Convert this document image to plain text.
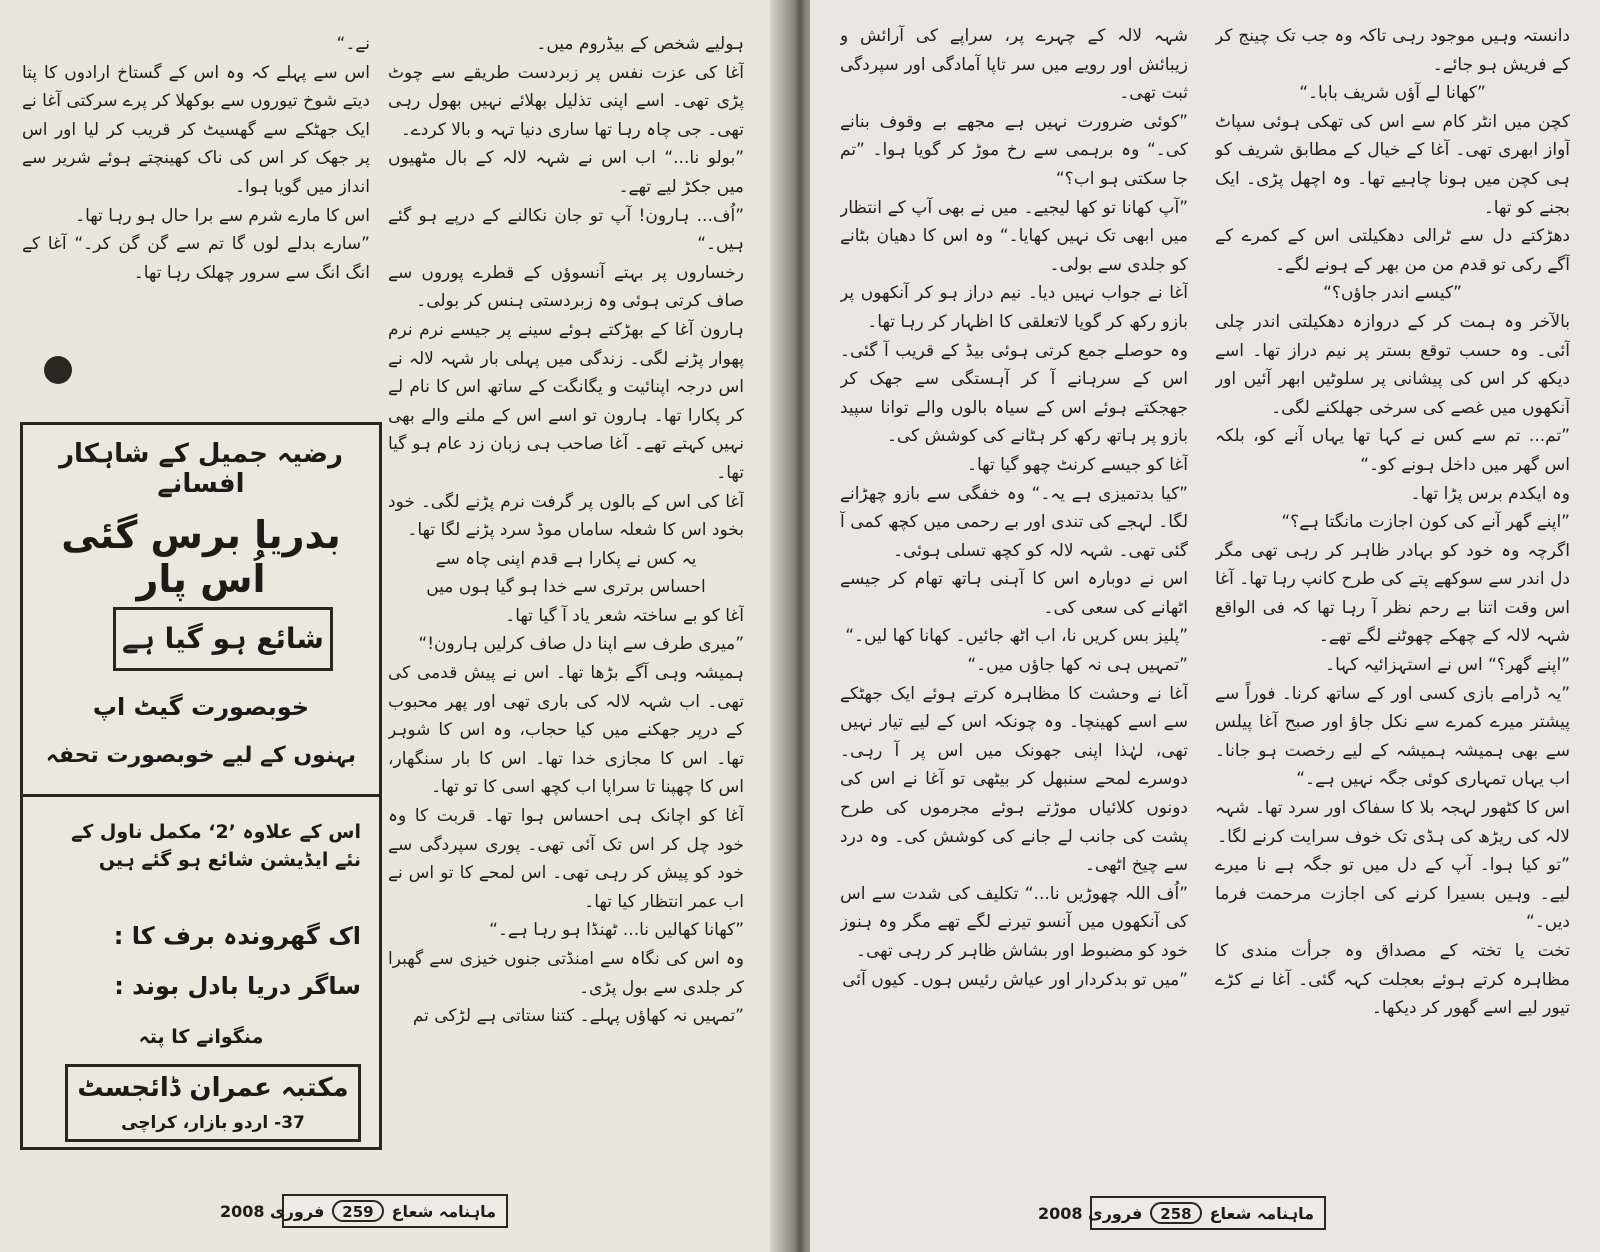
ہولیے شخص کے بیڈروم میں۔

آغا کی عزت نفس پر زبردست طریقے سے چوٹ پڑی تھی۔ اسے اپنی تذلیل بھلائے نہیں بھول رہی تھی۔ جی چاہ رہا تھا ساری دنیا تہہ و بالا کردے۔

”بولو نا...“ اب اس نے شہہ لالہ کے بال مٹھیوں میں جکڑ لیے تھے۔

”اُف... ہارون! آپ تو جان نکالنے کے درپے ہو گئے ہیں۔“

رخساروں پر بہتے آنسوؤں کے قطرے پوروں سے صاف کرتی ہوئی وہ زبردستی ہنس کر بولی۔

ہارون آغا کے بھڑکتے ہوئے سینے پر جیسے نرم نرم پھوار پڑنے لگی۔ زندگی میں پہلی بار شہہ لالہ نے اس درجہ اپنائیت و یگانگت کے ساتھ اس کا نام لے کر پکارا تھا۔ ہارون تو اسے اس کے ملنے والے بھی نہیں کہتے تھے۔ آغا صاحب ہی زبان زد عام ہو گیا تھا۔

آغا کی اس کے بالوں پر گرفت نرم پڑنے لگی۔ خود بخود اس کا شعلہ ساماں موڈ سرد پڑنے لگا تھا۔

یہ کس نے پکارا ہے قدم اپنی چاہ سے

احساس برتری سے خدا ہو گیا ہوں میں

آغا کو بے ساختہ شعر یاد آ گیا تھا۔

”میری طرف سے اپنا دل صاف کرلیں ہارون!“

ہمیشہ وہی آگے بڑھا تھا۔ اس نے پیش قدمی کی تھی۔ اب شہہ لالہ کی باری تھی اور پھر محبوب کے درپر جھکنے میں کیا حجاب، وہ اس کا شوہر تھا۔ اس کا مجازی خدا تھا۔ اس کا بار سنگھار، اس کا چھپنا تا سراپا اب کچھ اسی کا تو تھا۔

آغا کو اچانک ہی احساس ہوا تھا۔ قربت کا وہ خود چل کر اس تک آئی تھی۔ پوری سپردگی سے خود کو پیش کر رہی تھی۔ اس لمحے کا تو اس نے اب عمر انتظار کیا تھا۔

”کھانا کھالیں نا... ٹھنڈا ہو رہا ہے۔“

وہ اس کی نگاہ سے امنڈتی جنوں خیزی سے گھبرا کر جلدی سے بول پڑی۔

”تمہیں نہ کھاؤں پہلے۔ کتنا ستاتی ہے لڑکی تم

نے۔“

اس سے پہلے کہ وہ اس کے گستاخ ارادوں کا پتا دیتے شوخ تیوروں سے بوکھلا کر پرے سرکتی آغا نے ایک جھٹکے سے گھسیٹ کر قریب کر لیا اور اس پر جھک کر اس کی ناک کھینچتے ہوئے شریر سے انداز میں گویا ہوا۔

اس کا مارے شرم سے برا حال ہو رہا تھا۔

”سارے بدلے لوں گا تم سے گن گن کر۔“ آغا کے انگ انگ سے سرور چھلک رہا تھا۔

رضیہ جمیل کے شاہکار افسانے
بدریا برس گئی اُس پار
شائع ہو گیا ہے
خوبصورت گیٹ اپ
بہنوں کے لیے خوبصورت تحفہ
اس کے علاوہ ’2‘ مکمل ناول کے نئے ایڈیشن شائع ہو گئے ہیں
اک گھروندہ برف کا :
ساگر دریا بادل بوند :
منگوانے کا پتہ
مکتبہ عمران ڈائجسٹ
37- اردو بازار، کراچی
ماہنامہ شعاع
259
فروری 2008

دانستہ وہیں موجود رہی تاکہ وہ جب تک چینج کر کے فریش ہو جائے۔

”کھانا لے آؤں شریف بابا۔“

کچن میں انٹر کام سے اس کی تھکی ہوئی سپاٹ آواز ابھری تھی۔ آغا کے خیال کے مطابق شریف کو ہی کچن میں ہونا چاہیے تھا۔ وہ اچھل پڑی۔ ایک بجنے کو تھا۔

دھڑکتے دل سے ٹرالی دھکیلتی اس کے کمرے کے آگے رکی تو قدم من من بھر کے ہونے لگے۔

”کیسے اندر جاؤں؟“

بالآخر وہ ہمت کر کے دروازہ دھکیلتی اندر چلی آئی۔ وہ حسب توقع بستر پر نیم دراز تھا۔ اسے دیکھ کر اس کی پیشانی پر سلوٹیں ابھر آئیں اور آنکھوں میں غصے کی سرخی جھلکنے لگی۔

”تم... تم سے کس نے کہا تھا یہاں آنے کو، بلکہ اس گھر میں داخل ہونے کو۔“

وہ ایکدم برس پڑا تھا۔

”اپنے گھر آنے کی کون اجازت مانگتا ہے؟“

اگرچہ وہ خود کو بہادر ظاہر کر رہی تھی مگر دل اندر سے سوکھے پتے کی طرح کانپ رہا تھا۔ آغا اس وقت اتنا بے رحم نظر آ رہا تھا کہ فی الواقع شہہ لالہ کے چھکے چھوٹنے لگے تھے۔

”اپنے گھر؟“ اس نے استہزائیہ کہا۔

”یہ ڈرامے بازی کسی اور کے ساتھ کرنا۔ فوراً سے پیشتر میرے کمرے سے نکل جاؤ اور صبح آغا پیلس سے بھی ہمیشہ ہمیشہ کے لیے رخصت ہو جانا۔ اب یہاں تمہاری کوئی جگہ نہیں ہے۔“

اس کا کٹھور لہجہ بلا کا سفاک اور سرد تھا۔ شہہ لالہ کی ریڑھ کی ہڈی تک خوف سرایت کرنے لگا۔

”تو کیا ہوا۔ آپ کے دل میں تو جگہ ہے نا میرے لیے۔ وہیں بسیرا کرنے کی اجازت مرحمت فرما دیں۔“

تخت یا تختہ کے مصداق وہ جرأت مندی کا مظاہرہ کرتے ہوئے بعجلت کہہ گئی۔ آغا نے کڑے تیور لیے اسے گھور کر دیکھا۔

شہہ لالہ کے چہرے پر، سراپے کی آرائش و زیبائش اور رویے میں سر تاپا آمادگی اور سپردگی ثبت تھی۔

”کوئی ضرورت نہیں ہے مجھے بے وقوف بنانے کی۔“ وہ برہمی سے رخ موڑ کر گویا ہوا۔ ”تم جا سکتی ہو اب؟“

”آپ کھانا تو کھا لیجیے۔ میں نے بھی آپ کے انتظار میں ابھی تک نہیں کھایا۔“ وہ اس کا دھیان بٹانے کو جلدی سے بولی۔

آغا نے جواب نہیں دیا۔ نیم دراز ہو کر آنکھوں پر بازو رکھ کر گویا لاتعلقی کا اظہار کر رہا تھا۔

وہ حوصلے جمع کرتی ہوئی بیڈ کے قریب آ گئی۔ اس کے سرہانے آ کر آہستگی سے جھک کر جھجکتے ہوئے اس کے سیاہ بالوں والے توانا سپید بازو پر ہاتھ رکھ کر ہٹانے کی کوشش کی۔

آغا کو جیسے کرنٹ چھو گیا تھا۔

”کیا بدتمیزی ہے یہ۔“ وہ خفگی سے بازو چھڑانے لگا۔ لہجے کی تندی اور بے رحمی میں کچھ کمی آ گئی تھی۔ شہہ لالہ کو کچھ تسلی ہوئی۔

اس نے دوبارہ اس کا آہنی ہاتھ تھام کر جیسے اٹھانے کی سعی کی۔

”پلیز بس کریں نا، اب اٹھ جائیں۔ کھانا کھا لیں۔“

”تمہیں ہی نہ کھا جاؤں میں۔“

آغا نے وحشت کا مظاہرہ کرتے ہوئے ایک جھٹکے سے اسے کھینچا۔ وہ چونکہ اس کے لیے تیار نہیں تھی، لہٰذا اپنی جھونک میں اس پر آ رہی۔ دوسرے لمحے سنبھل کر بیٹھی تو آغا نے اس کی دونوں کلائیاں موڑتے ہوئے مجرموں کی طرح پشت کی جانب لے جانے کی کوشش کی۔ وہ درد سے چیخ اٹھی۔

”اُف اللہ چھوڑیں نا...“ تکلیف کی شدت سے اس کی آنکھوں میں آنسو تیرنے لگے تھے مگر وہ ہنوز خود کو مضبوط اور بشاش ظاہر کر رہی تھی۔

”میں تو بدکردار اور عیاش رئیس ہوں۔ کیوں آئی

ماہنامہ شعاع
258
فروری 2008
